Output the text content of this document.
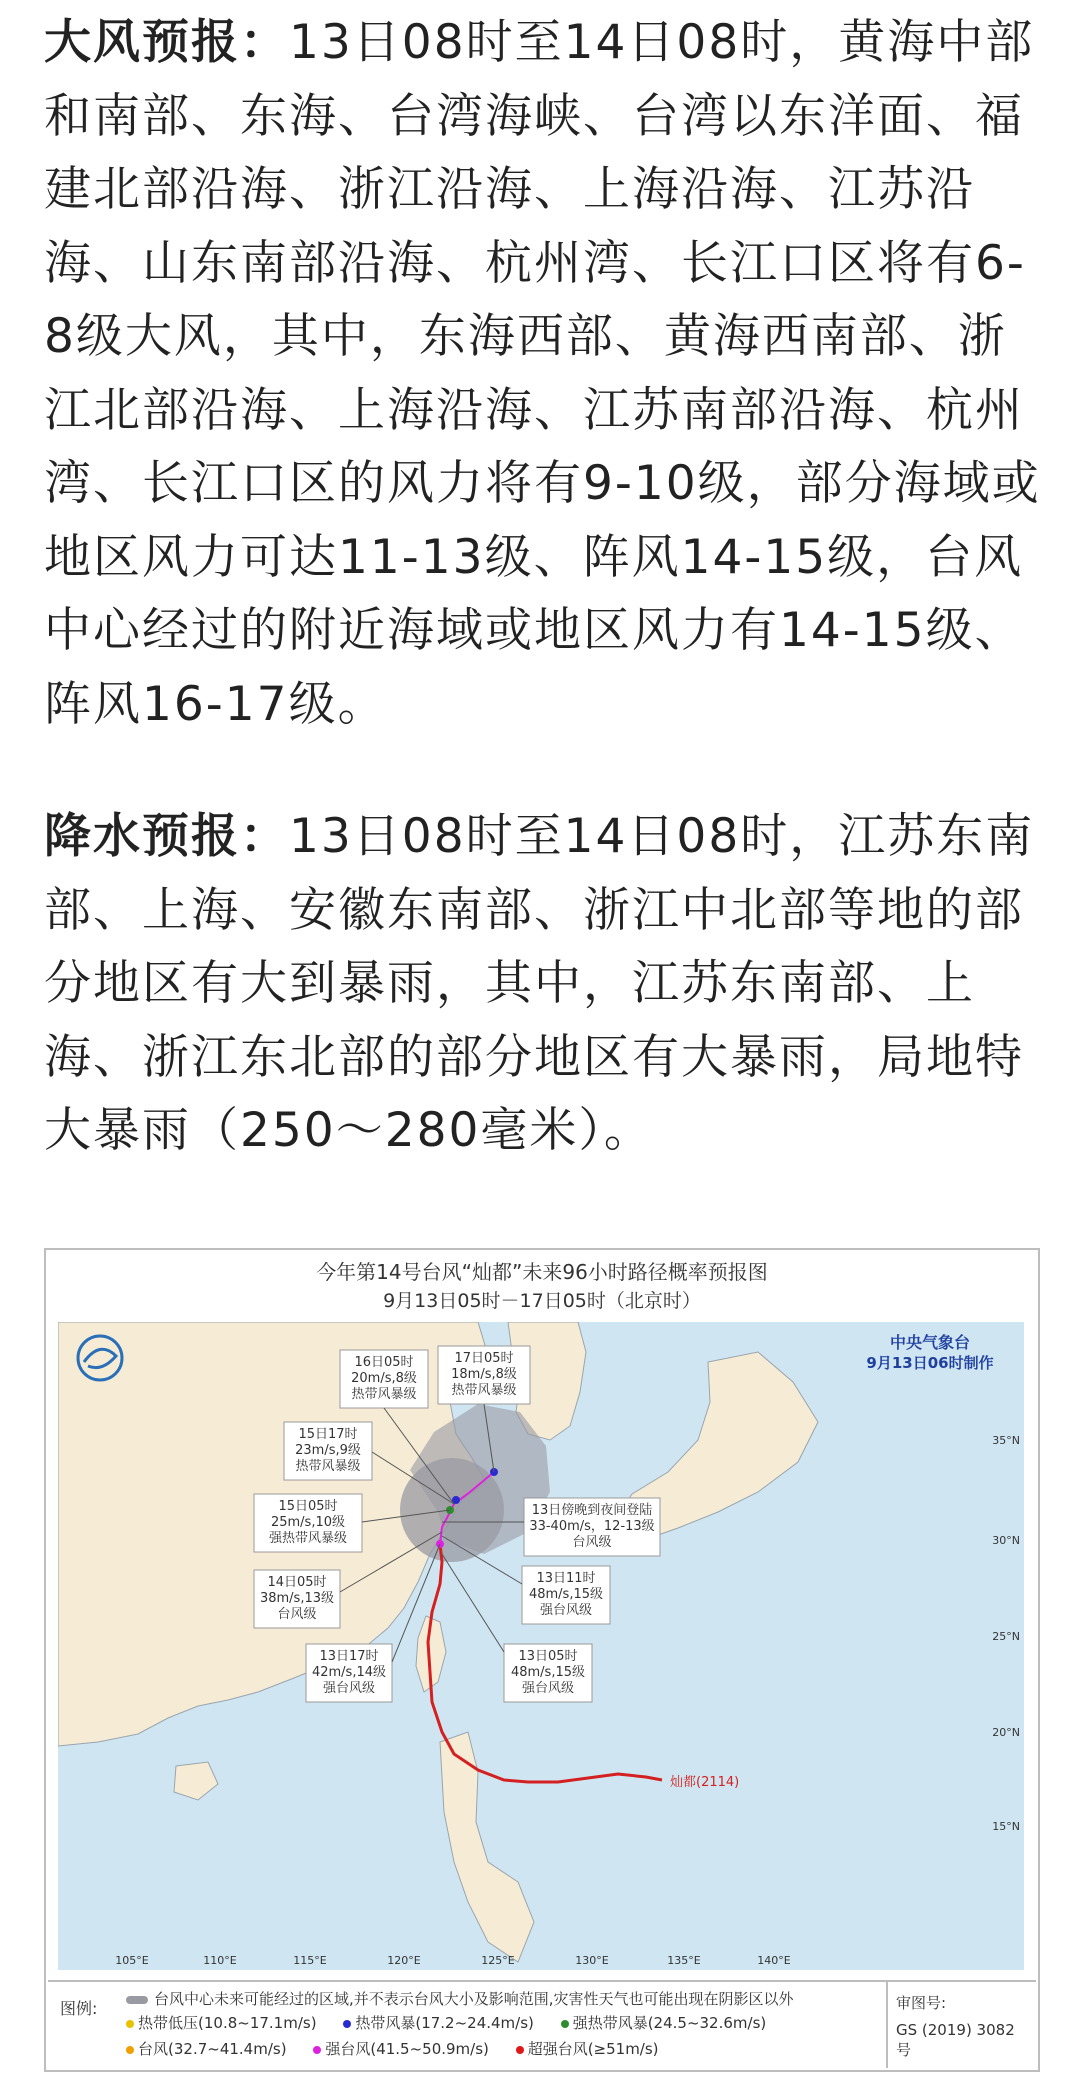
大风预报：13日08时至14日08时，黄海中部和南部、东海、台湾海峡、台湾以东洋面、福建北部沿海、浙江沿海、上海沿海、江苏沿海、山东南部沿海、杭州湾、长江口区将有6-8级大风，其中，东海西部、黄海西南部、浙江北部沿海、上海沿海、江苏南部沿海、杭州湾、长江口区的风力将有9-10级，部分海域或地区风力可达11-13级、阵风14-15级，台风中心经过的附近海域或地区风力有14-15级、阵风16-17级。

降水预报：13日08时至14日08时，江苏东南部、上海、安徽东南部、浙江中北部等地的部分地区有大到暴雨，其中，江苏东南部、上海、浙江东北部的部分地区有大暴雨，局地特大暴雨（250～280毫米）。

今年第14号台风“灿都”未来96小时路径概率预报图
9月13日05时－17日05时（北京时）
17日05时
18m/s,8级
热带风暴级
16日05时
20m/s,8级
热带风暴级
15日17时
23m/s,9级
热带风暴级
15日05时
25m/s,10级
强热带风暴级
14日05时
38m/s,13级
台风级
13日17时
42m/s,14级
强台风级
13日傍晚到夜间登陆
33-40m/s，12-13级
台风级
13日11时
48m/s,15级
强台风级
13日05时
48m/s,15级
强台风级
中央气象台
9月13日06时制作
灿都(2114)
105°E	110°E	115°E	120°E	125°E	130°E	135°E	140°E
35°N
30°N
25°N
20°N
15°N
图例:	台风中心未来可能经过的区域,并不表示台风大小及影响范围,灾害性天气也可能出现在阴影区以外
热带低压(10.8~17.1m/s)	热带风暴(17.2~24.4m/s)	强热带风暴(24.5~32.6m/s)
台风(32.7~41.4m/s)	强台风(41.5~50.9m/s)	超强台风(≥51m/s)
审图号:
GS (2019) 3082号
